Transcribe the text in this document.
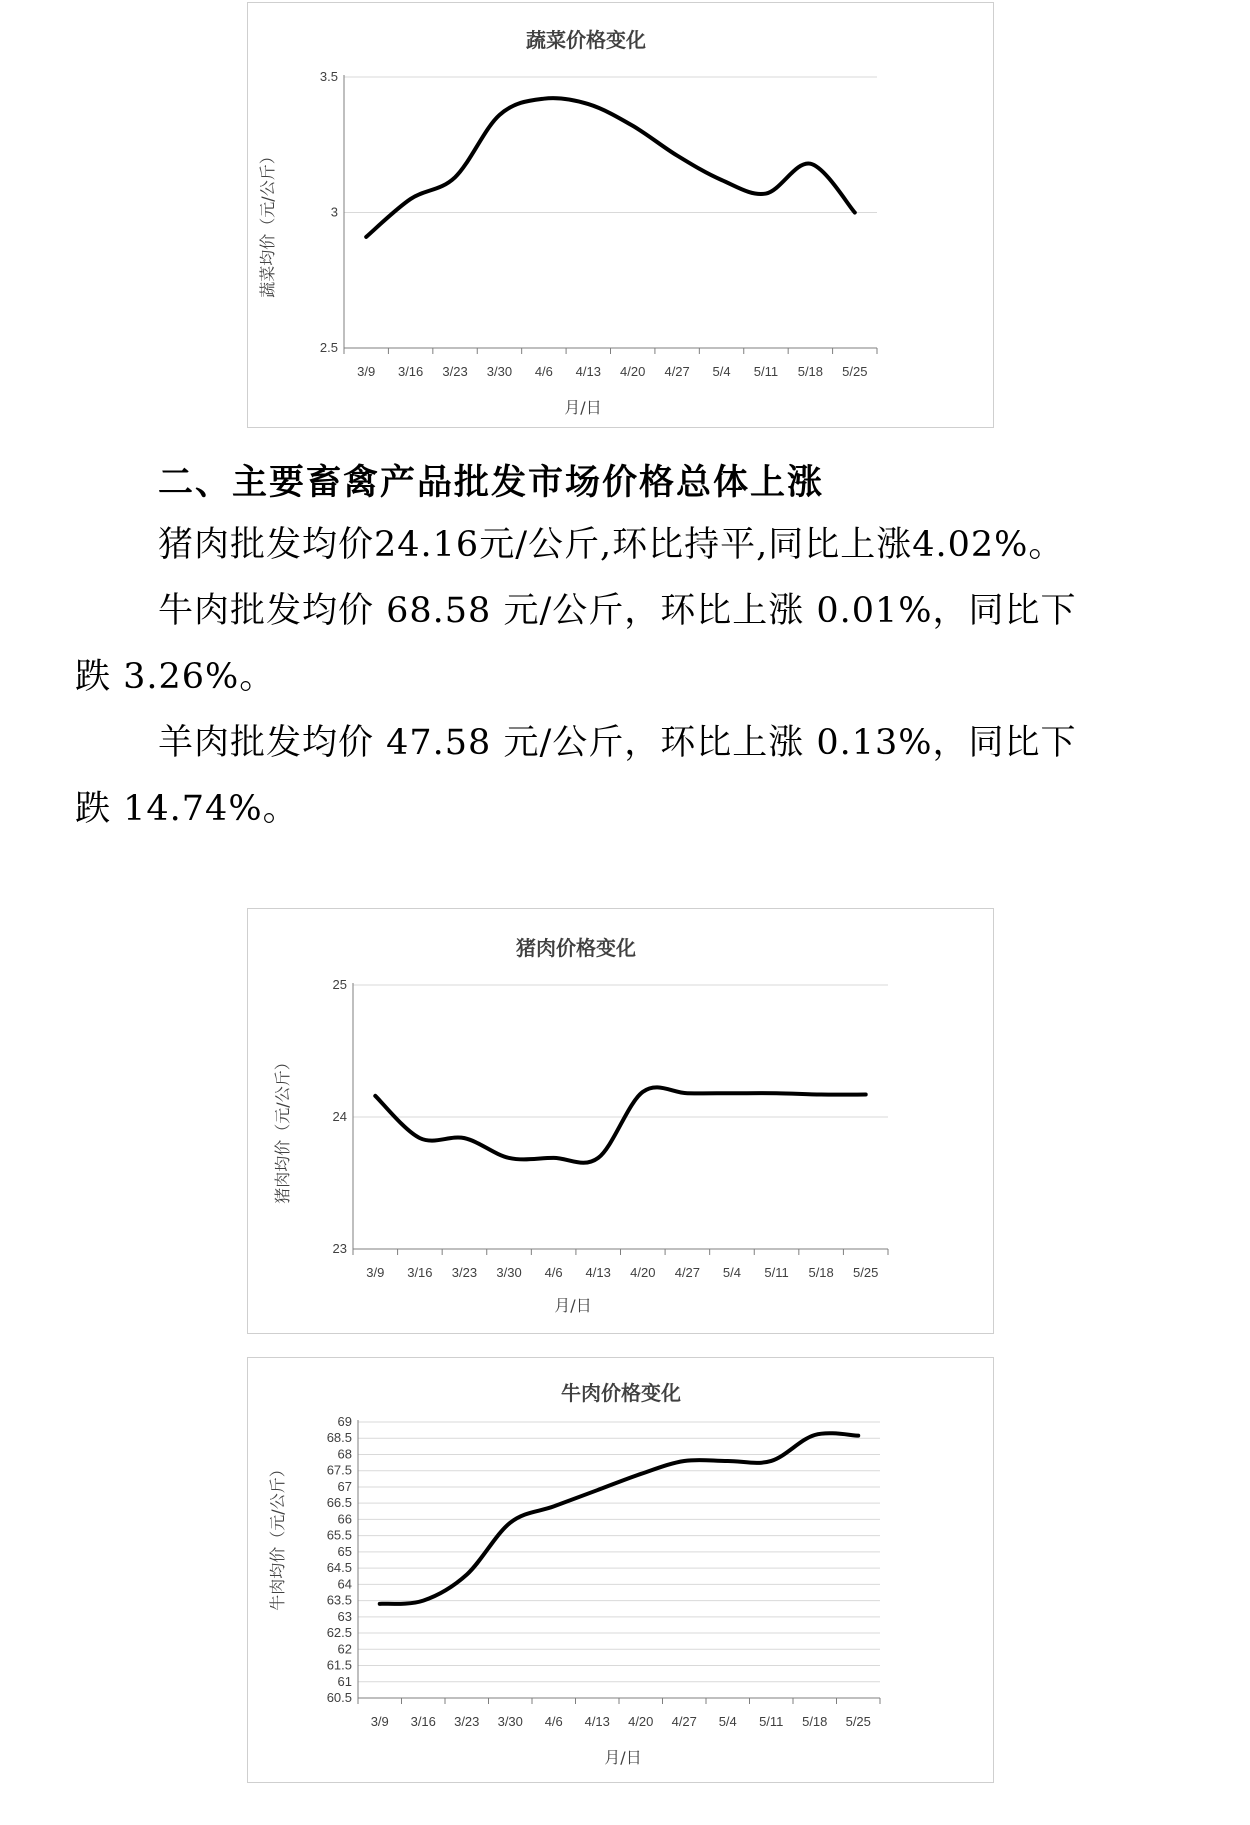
蔬菜价格变化
蔬菜均价（元/公斤）
月/日
2.5
3
3.5
3/9 3/16 3/23 3/30 4/6 4/13 4/20 4/27 5/4 5/11 5/18 5/25
二、主要畜禽产品批发市场价格总体上涨
猪肉批发均价24.16元/公斤,环比持平,同比上涨4.02%。
牛肉批发均价 68.58 元/公斤，环比上涨 0.01%，同比下
跌 3.26%。
羊肉批发均价 47.58 元/公斤，环比上涨 0.13%，同比下
跌 14.74%。
猪肉价格变化
猪肉均价（元/公斤）
月/日
23
24
25
3/9 3/16 3/23 3/30 4/6 4/13 4/20 4/27 5/4 5/11 5/18 5/25
牛肉价格变化
牛肉均价（元/公斤）
月/日
60.5
61
61.5
62
62.5
63
63.5
64
64.5
65
65.5
66
66.5
67
67.5
68
68.5
69
3/9 3/16 3/23 3/30 4/6 4/13 4/20 4/27 5/4 5/11 5/18 5/25
